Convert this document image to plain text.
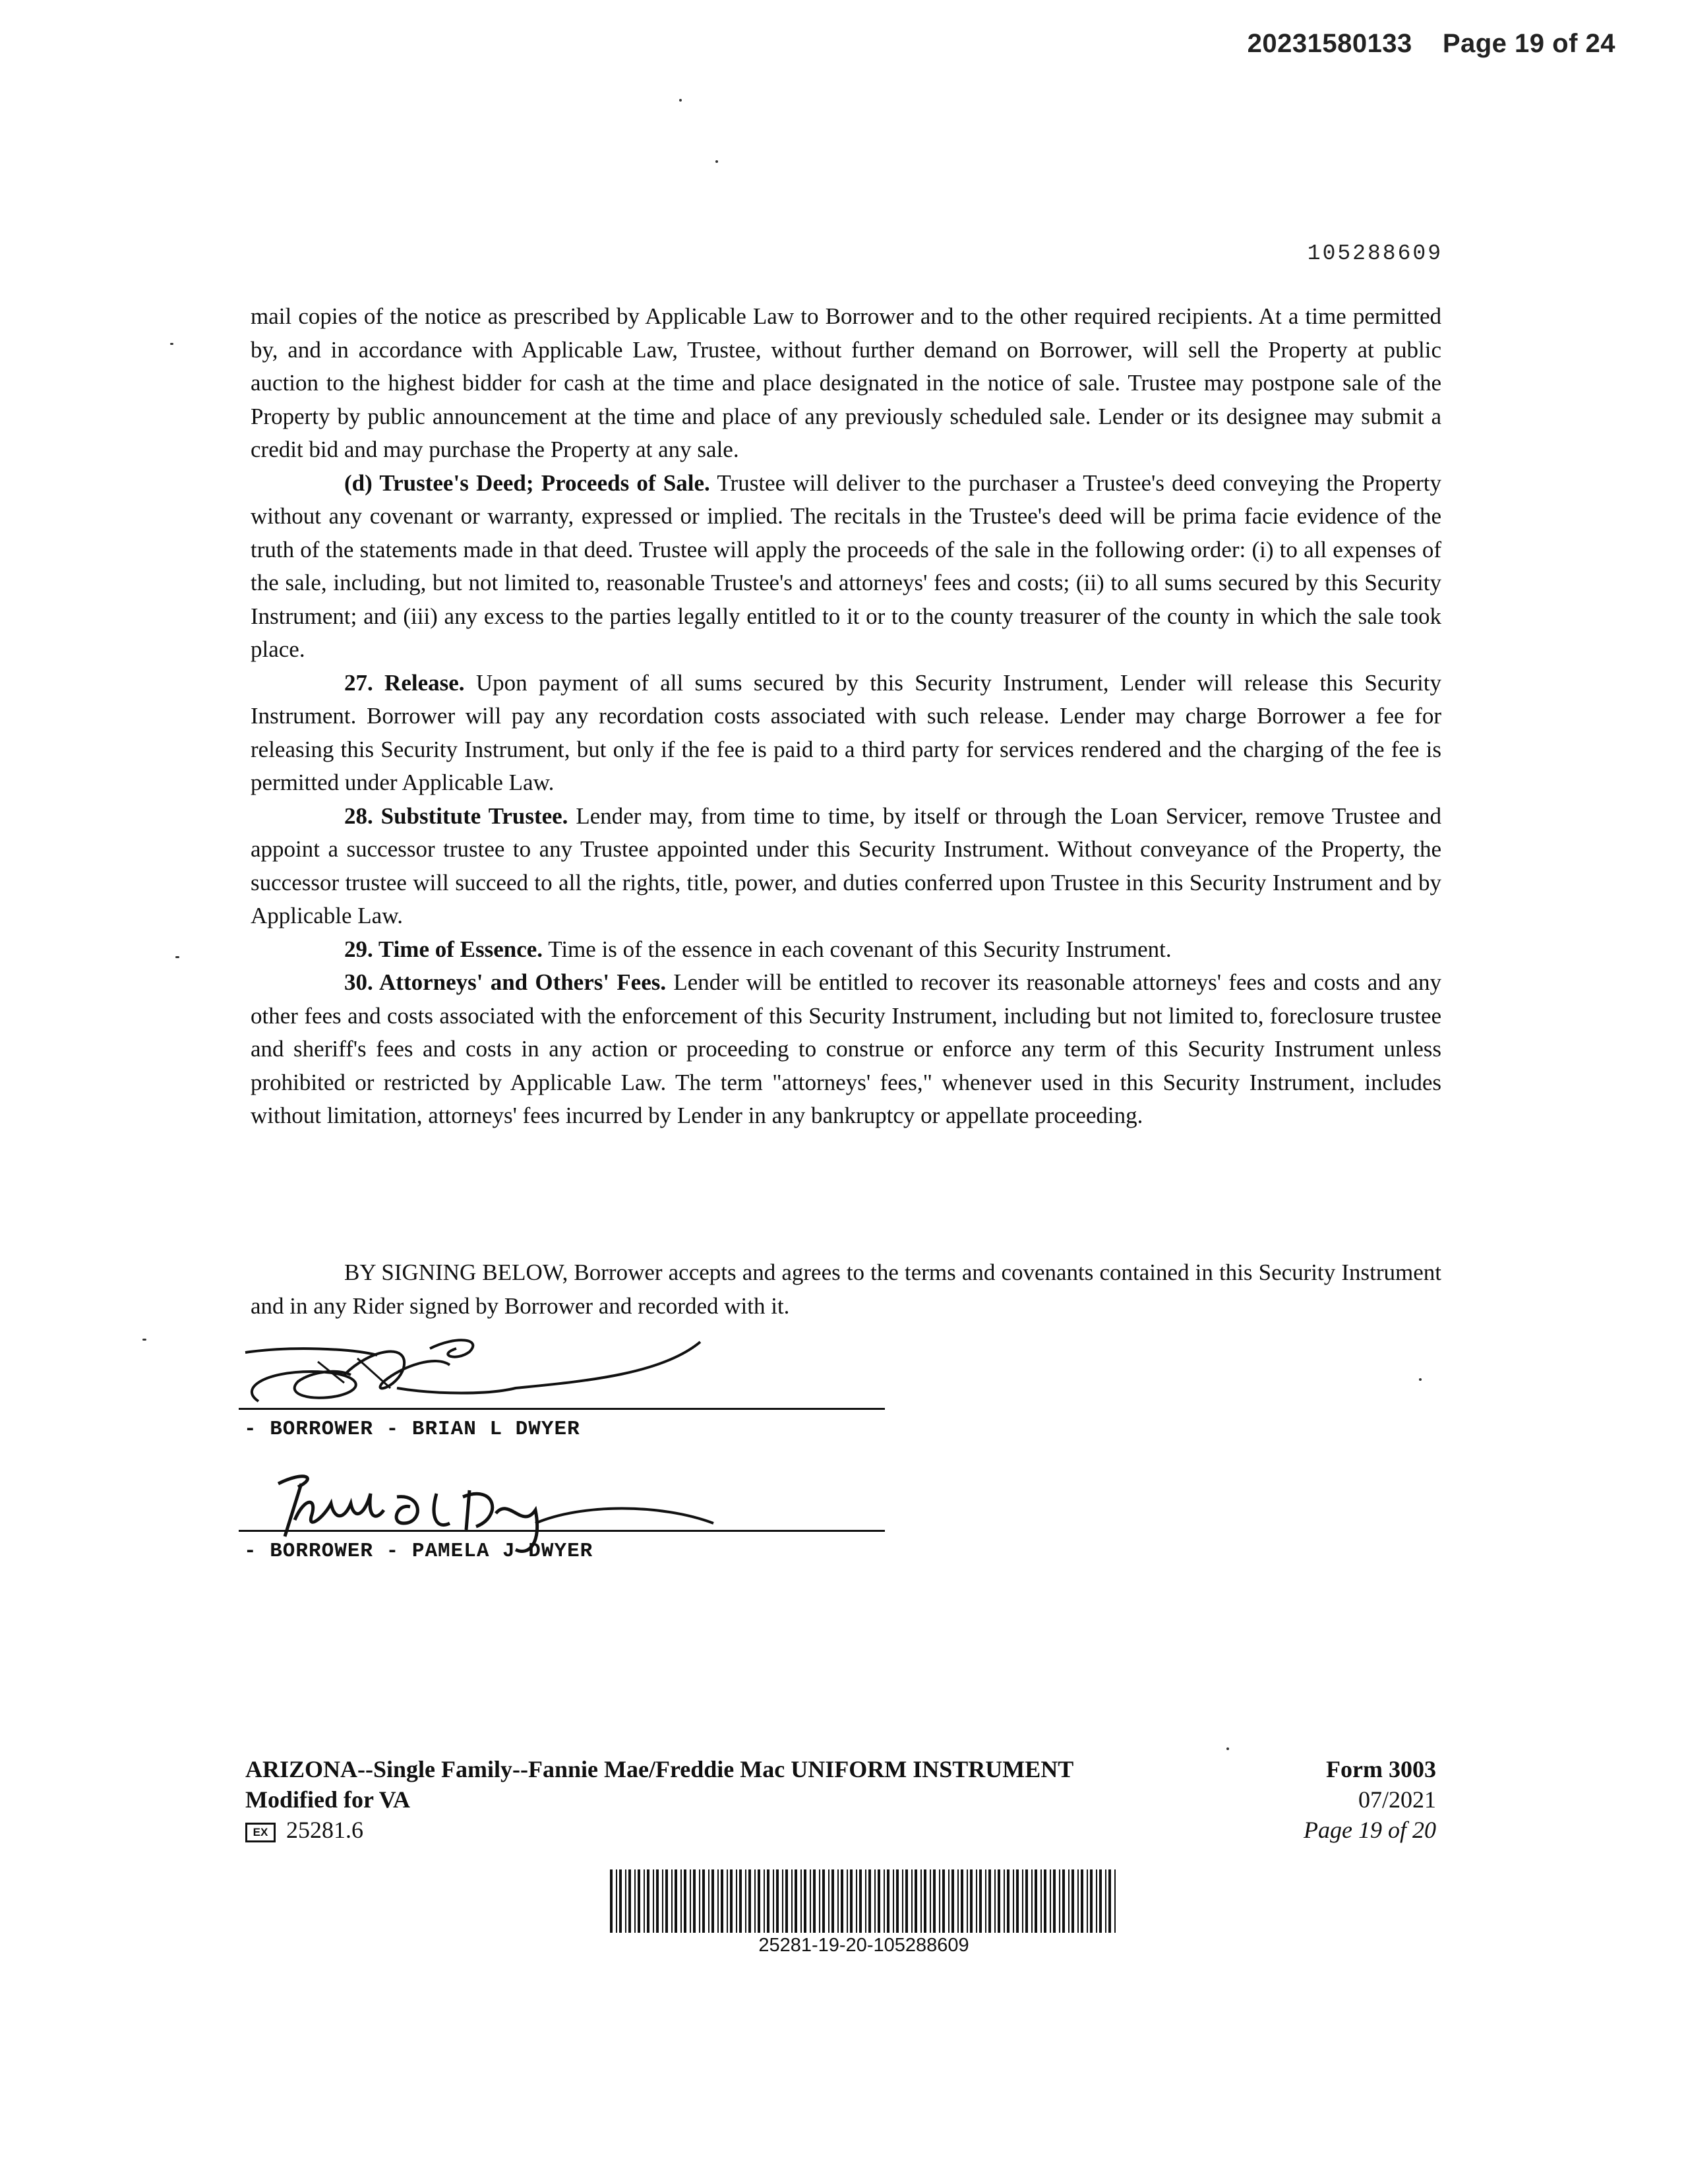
20231580133 Page 19 of 24
105288609

mail copies of the notice as prescribed by Applicable Law to Borrower and to the other required recipients. At a time permitted by, and in accordance with Applicable Law, Trustee, without further demand on Borrower, will sell the Property at public auction to the highest bidder for cash at the time and place designated in the notice of sale. Trustee may postpone sale of the Property by public announcement at the time and place of any previously scheduled sale. Lender or its designee may submit a credit bid and may purchase the Property at any sale.

(d) Trustee's Deed; Proceeds of Sale. Trustee will deliver to the purchaser a Trustee's deed conveying the Property without any covenant or warranty, expressed or implied. The recitals in the Trustee's deed will be prima facie evidence of the truth of the statements made in that deed. Trustee will apply the proceeds of the sale in the following order: (i) to all expenses of the sale, including, but not limited to, reasonable Trustee's and attorneys' fees and costs; (ii) to all sums secured by this Security Instrument; and (iii) any excess to the parties legally entitled to it or to the county treasurer of the county in which the sale took place.

27. Release. Upon payment of all sums secured by this Security Instrument, Lender will release this Security Instrument. Borrower will pay any recordation costs associated with such release. Lender may charge Borrower a fee for releasing this Security Instrument, but only if the fee is paid to a third party for services rendered and the charging of the fee is permitted under Applicable Law.

28. Substitute Trustee. Lender may, from time to time, by itself or through the Loan Servicer, remove Trustee and appoint a successor trustee to any Trustee appointed under this Security Instrument. Without conveyance of the Property, the successor trustee will succeed to all the rights, title, power, and duties conferred upon Trustee in this Security Instrument and by Applicable Law.

29. Time of Essence. Time is of the essence in each covenant of this Security Instrument.

30. Attorneys' and Others' Fees. Lender will be entitled to recover its reasonable attorneys' fees and costs and any other fees and costs associated with the enforcement of this Security Instrument, including but not limited to, foreclosure trustee and sheriff's fees and costs in any action or proceeding to construe or enforce any term of this Security Instrument unless prohibited or restricted by Applicable Law. The term "attorneys' fees," whenever used in this Security Instrument, includes without limitation, attorneys' fees incurred by Lender in any bankruptcy or appellate proceeding.

BY SIGNING BELOW, Borrower accepts and agrees to the terms and covenants contained in this Security Instrument and in any Rider signed by Borrower and recorded with it.

- BORROWER - BRIAN L DWYER
- BORROWER - PAMELA J DWYER
ARIZONA--Single Family--Fannie Mae/Freddie Mac UNIFORM INSTRUMENT
Modified for VA
EX 25281.6
Form 3003
07/2021
Page 19 of 20
25281-19-20-105288609
